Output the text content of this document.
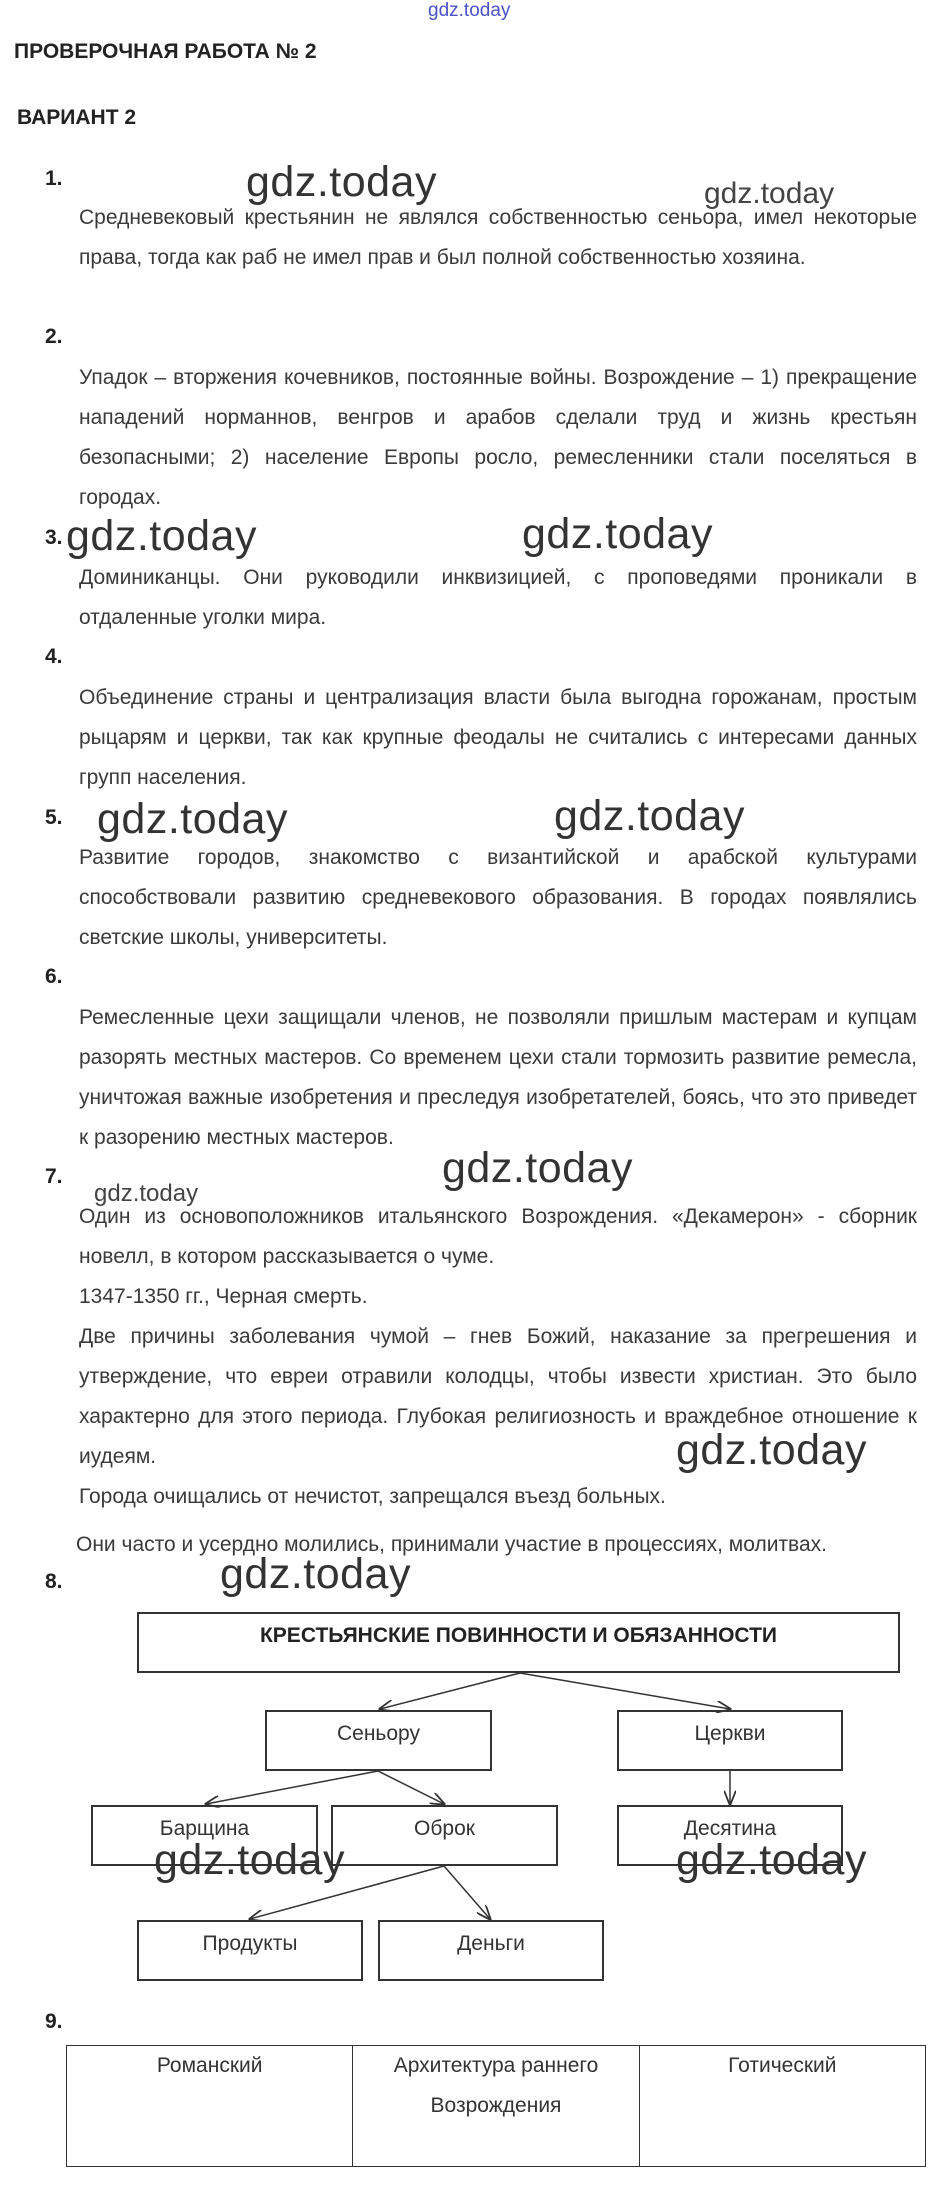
gdz.today
ПРОВЕРОЧНАЯ РАБОТА № 2
ВАРИАНТ 2
1.
Средневековый крестьянин не являлся собственностью сеньора, имел некоторые права, тогда как раб не имел прав и был полной собственностью хозяина.
gdz.today	gdz.today
2.
Упадок – вторжения кочевников, постоянные войны. Возрождение – 1) прекращение нападений норманнов, венгров и арабов сделали труд и жизнь крестьян безопасными; 2) население Европы росло, ремесленники стали поселяться в городах.
3.
Доминиканцы. Они руководили инквизицией, с проповедями проникали в отдаленные уголки мира.
gdz.today	gdz.today
4.
Объединение страны и централизация власти была выгодна горожанам, простым рыцарям и церкви, так как крупные феодалы не считались с интересами данных групп населения.
5.
Развитие городов, знакомство с византийской и арабской культурами способствовали развитию средневекового образования. В городах появлялись светские школы, университеты.
gdz.today	gdz.today
6.
Ремесленные цехи защищали членов, не позволяли пришлым мастерам и купцам разорять местных мастеров. Со временем цехи стали тормозить развитие ремесла, уничтожая важные изобретения и преследуя изобретателей, боясь, что это приведет к разорению местных мастеров.
7.
Один из основоположников итальянского Возрождения. «Декамерон» - сборник новелл, в котором рассказывается о чуме.
1347-1350 гг., Черная смерть.
Две причины заболевания чумой – гнев Божий, наказание за прегрешения и утверждение, что евреи отравили колодцы, чтобы извести христиан. Это было характерно для этого периода. Глубокая религиозность и враждебное отношение к иудеям.
Города очищались от нечистот, запрещался въезд больных.
Они часто и усердно молились, принимали участие в процессиях, молитвах.
gdz.today
gdz.today
gdz.today
8.	gdz.today
КРЕСТЬЯНСКИЕ ПОВИННОСТИ И ОБЯЗАННОСТИ
Сеньору	Церкви
Барщина	Оброк	Десятина
Продукты	Деньги
gdz.today	gdz.today
9.
Романский	Архитектура раннего Возрождения	Готический
